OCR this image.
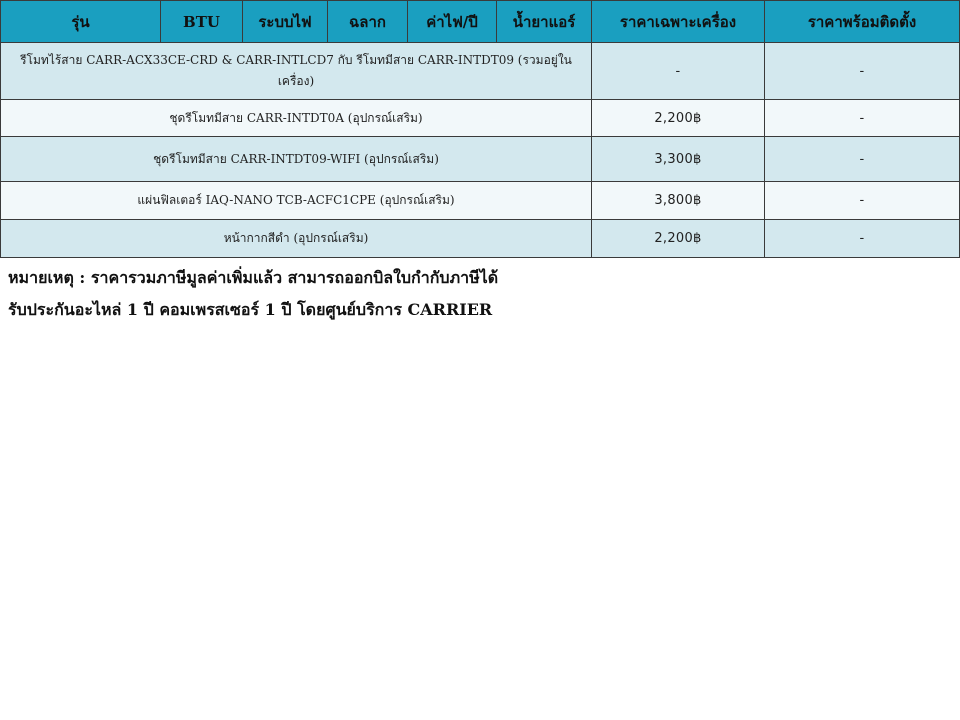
รุ่น	BTU	ระบบไฟ	ฉลาก	ค่าไฟ/ปี	น้ำยาแอร์	ราคาเฉพาะเครื่อง	ราคาพร้อมติดตั้ง
รีโมทไร้สาย CARR-ACX33CE-CRD & CARR-INTLCD7 กับ รีโมทมีสาย CARR-INTDT09 (รวมอยู่ในเครื่อง)						-	-
ชุดรีโมทมีสาย CARR-INTDT0A (อุปกรณ์เสริม)						2,200฿	-
ชุดรีโมทมีสาย CARR-INTDT09-WIFI (อุปกรณ์เสริม)						3,300฿	-
แผ่นฟิลเตอร์ IAQ-NANO TCB-ACFC1CPE (อุปกรณ์เสริม)						3,800฿	-
หน้ากากสีดำ (อุปกรณ์เสริม)						2,200฿	-
หมายเหตุ : ราคารวมภาษีมูลค่าเพิ่มแล้ว สามารถออกบิลใบกำกับภาษีได้
รับประกันอะไหล่ 1 ปี คอมเพรสเซอร์ 1 ปี โดยศูนย์บริการ CARRIER
